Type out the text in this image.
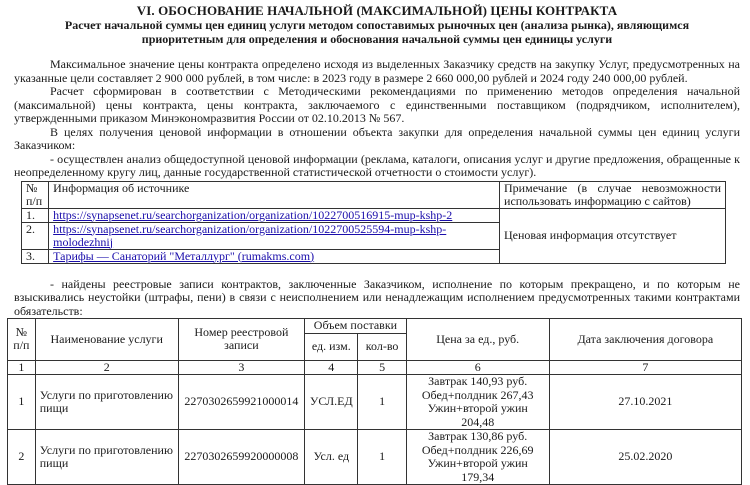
VI. ОБОСНОВАНИЕ НАЧАЛЬНОЙ (МАКСИМАЛЬНОЙ) ЦЕНЫ КОНТРАКТА
Расчет начальной суммы цен единиц услуги методом сопоставимых рыночных цен (анализа рынка), являющимся
приоритетным для определения и обоснования начальной суммы цен единицы услуги

Максимальное значение цены контракта определено исходя из выделенных Заказчику средств на закупку Услуг, предусмотренных на указанные цели составляет 2 900 000 рублей, в том числе: в 2023 году в размере 2 660 000,00 рублей и 2024 году 240 000,00 рублей.

Расчет сформирован в соответствии с Методическими рекомендациями по применению методов определения начальной (максимальной) цены контракта, цены контракта, заключаемого с единственными поставщиком (подрядчиком, исполнителем), утвержденными приказом Минэкономразвития России от 02.10.2013 № 567.

В целях получения ценовой информации в отношении объекта закупки для определения начальной суммы цен единиц услуги Заказчиком:

- осуществлен анализ общедоступной ценовой информации (реклама, каталоги, описания услуг и другие предложения, обращенные к неопределенному кругу лиц, данные государственной статистической отчетности о стоимости услуг).

№ п/п	Информация об источнике	Примечание (в случае невозможности использовать информацию с сайтов)
1.	https://synapsenet.ru/searchorganization/organization/1022700516915-mup-kshp-2	Ценовая информация отсутствует
2.	https://synapsenet.ru/searchorganization/organization/1022700525594-mup-kshp-molodezhnij	
3.	Тарифы — Санаторий "Металлург" (rumakms.com)	

- найдены реестровые записи контрактов, заключенные Заказчиком, исполнение по которым прекращено, и по которым не взыскивались неустойки (штрафы, пени) в связи с неисполнением или ненадлежащим исполнением предусмотренных такими контрактами обязательств:

№ п/п	Наименование услуги	Номер реестровой записи	Объем поставки		Цена за ед., руб.	Дата заключения договора
			ед. изм.	кол-во		
1	2	3	4	5	6	7
1	Услуги по приготовлению пищи	2270302659921000014	УСЛ.ЕД	1	Завтрак 140,93 руб.
Обед+полдник 267,43
Ужин+второй ужин 204,48	27.10.2021
2	Услуги по приготовлению пищи	2270302659920000008	Усл. ед	1	Завтрак 130,86 руб.
Обед+полдник 226,69
Ужин+второй ужин 179,34	25.02.2020
